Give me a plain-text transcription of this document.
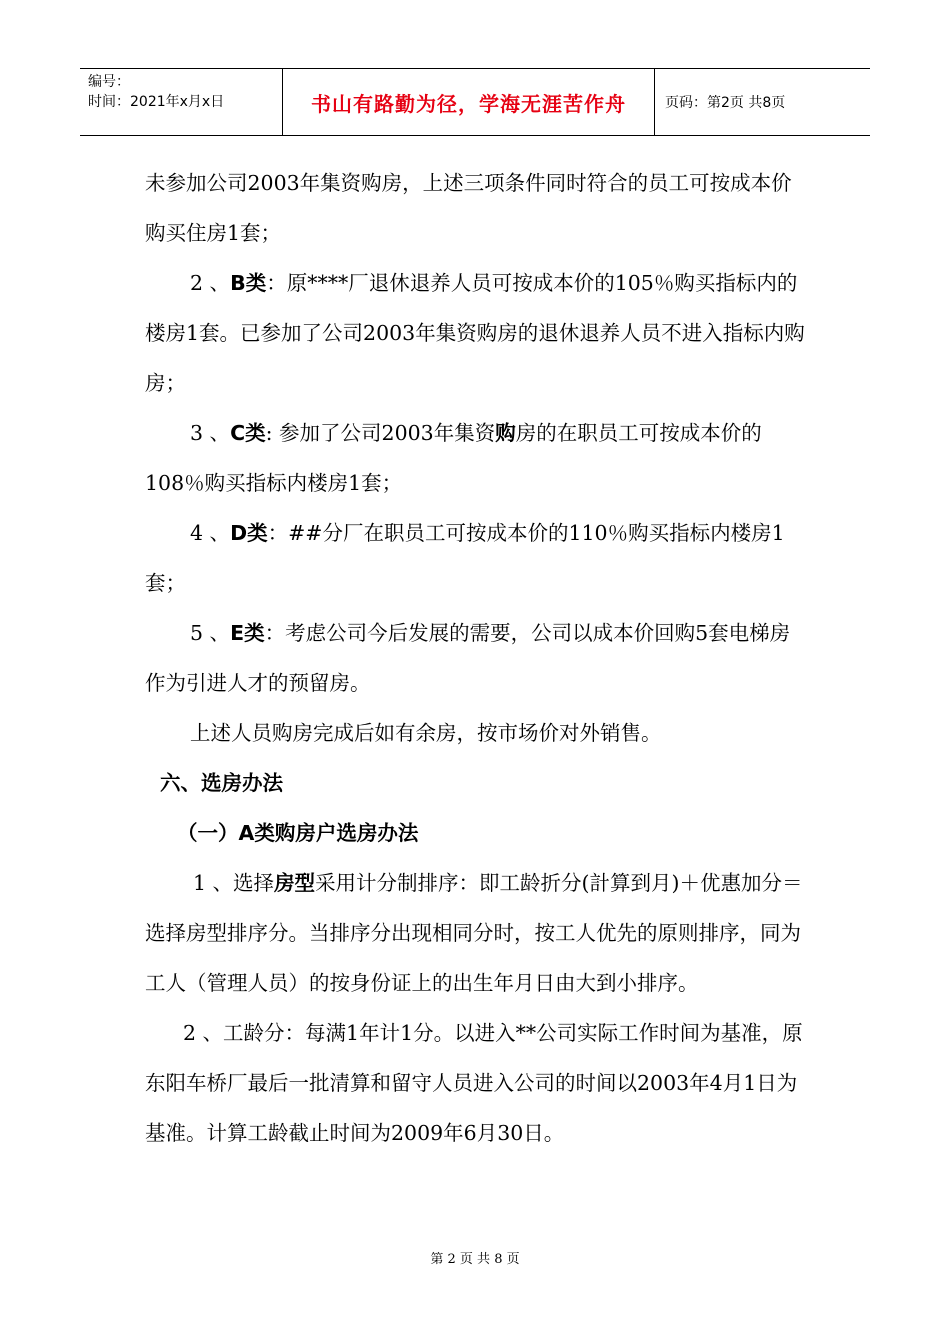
编号：
时间：2021年x月x日	书山有路勤为径，学海无涯苦作舟	页码：第2页 共8页

未参加公司2003年集资购房，上述三项条件同时符合的员工可按成本价购买住房1套；

2 、B类：原****厂退休退养人员可按成本价的105％购买指标内的楼房1套。已参加了公司2003年集资购房的退休退养人员不进入指标内购房；

3 、C类: 参加了公司2003年集资购房的在职员工可按成本价的108％购买指标内楼房1套；

4 、D类：##分厂在职员工可按成本价的110％购买指标内楼房1套；

5 、E类：考虑公司今后发展的需要，公司以成本价回购5套电梯房作为引进人才的预留房。

上述人员购房完成后如有余房，按市场价对外销售。

六、选房办法

（一）A类购房户选房办法

1 、选择房型采用计分制排序：即工龄折分(計算到月)＋优惠加分＝选择房型排序分。当排序分出现相同分时，按工人优先的原则排序，同为工人（管理人员）的按身份证上的出生年月日由大到小排序。

2 、工龄分：每满1年计1分。以进入**公司实际工作时间为基准，原东阳车桥厂最后一批清算和留守人员进入公司的时间以2003年4月1日为基准。计算工龄截止时间为2009年6月30日。

第 2 页 共 8 页
